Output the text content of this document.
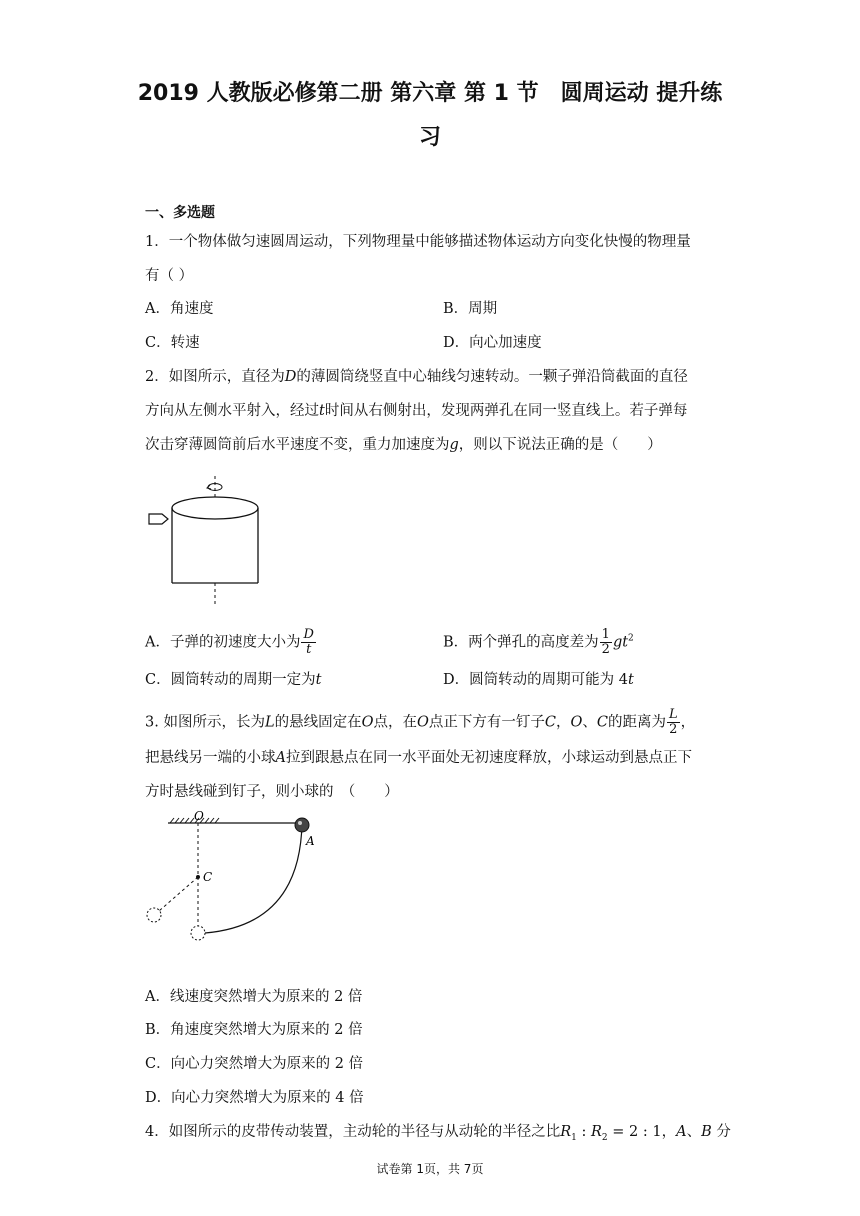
2019 人教版必修第二册 第六章 第 1 节　圆周运动 提升练
习
一、多选题
1．一个物体做匀速圆周运动，下列物理量中能够描述物体运动方向变化快慢的物理量
有（ ）
A．角速度	B．周期
C．转速	D．向心加速度
2．如图所示，直径为D的薄圆筒绕竖直中心轴线匀速转动。一颗子弹沿筒截面的直径
方向从左侧水平射入，经过t时间从右侧射出，发现两弹孔在同一竖直线上。若子弹每
次击穿薄圆筒前后水平速度不变，重力加速度为g，则以下说法正确的是（　　）
A．子弹的初速度大小为 $\frac{D}{t}$	B．两个弹孔的高度差为 $\frac{1}{2} gt^2$
C．圆筒转动的周期一定为t	D．圆筒转动的周期可能为 4t
3. 如图所示，长为L的悬线固定在O点，在O点正下方有一钉子C，O、C的距离为 $\frac{L}{2}$ ，
把悬线另一端的小球A拉到跟悬点在同一水平面处无初速度释放，小球运动到悬点正下
方时悬线碰到钉子，则小球的　（　　）
O
C
A
A．线速度突然增大为原来的 2 倍
B．角速度突然增大为原来的 2 倍
C．向心力突然增大为原来的 2 倍
D．向心力突然增大为原来的 4 倍
4．如图所示的皮带传动装置，主动轮的半径与从动轮的半径之比$R_1$ : $R_2 = 2$ : 1，A、B 分
试卷第 1页，共 7页
